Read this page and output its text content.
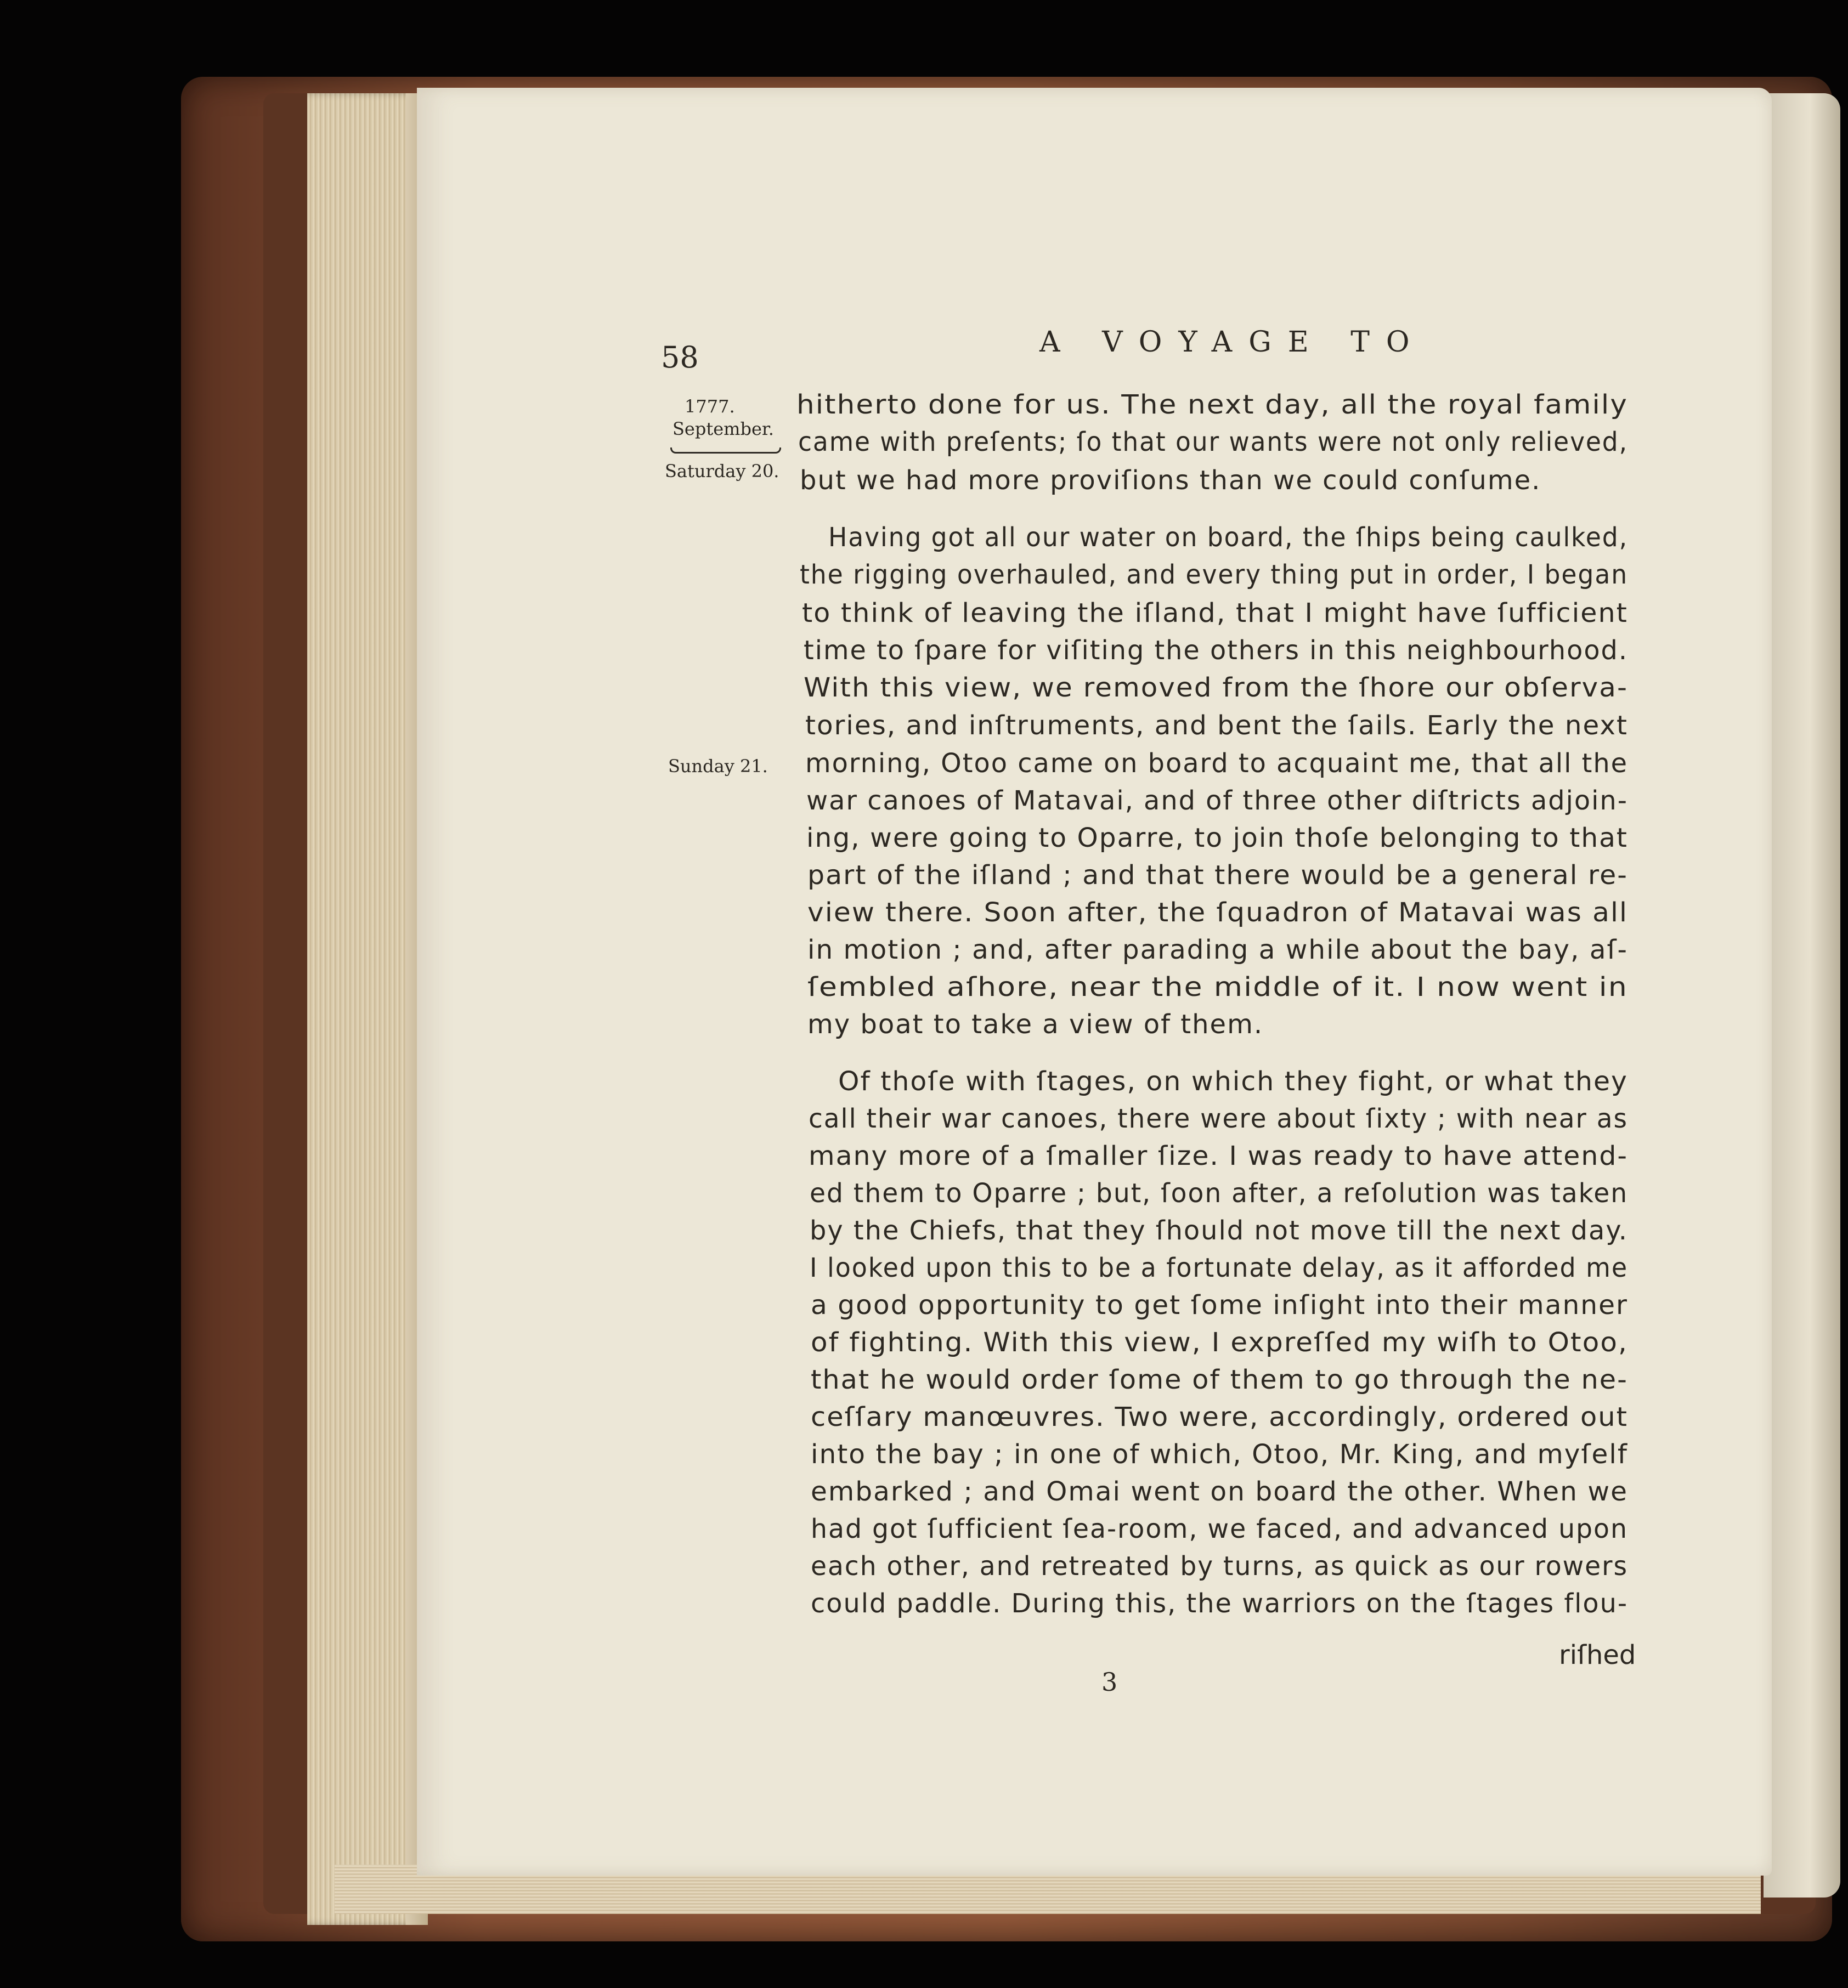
58	A VOYAGE TO
1777.
September.
Saturday 20.
Sunday 21.
hitherto done for us. The next day, all the royal family
came with preſents; ſo that our wants were not only relieved,
but we had more proviſions than we could conſume.
Having got all our water on board, the ſhips being caulked,
the rigging overhauled, and every thing put in order, I began
to think of leaving the iſland, that I might have ſufficient
time to ſpare for viſiting the others in this neighbourhood.
With this view, we removed from the ſhore our obſerva-
tories, and inſtruments, and bent the ſails. Early the next
morning, Otoo came on board to acquaint me, that all the
war canoes of Matavai, and of three other diſtricts adjoin-
ing, were going to Oparre, to join thoſe belonging to that
part of the iſland ; and that there would be a general re-
view there. Soon after, the ſquadron of Matavai was all
in motion ; and, after parading a while about the bay, aſ-
ſembled aſhore, near the middle of it. I now went in
my boat to take a view of them.
Of thoſe with ſtages, on which they fight, or what they
call their war canoes, there were about ſixty ; with near as
many more of a ſmaller ſize. I was ready to have attend-
ed them to Oparre ; but, ſoon after, a reſolution was taken
by the Chiefs, that they ſhould not move till the next day.
I looked upon this to be a fortunate delay, as it afforded me
a good opportunity to get ſome inſight into their manner
of fighting. With this view, I expreſſed my wiſh to Otoo,
that he would order ſome of them to go through the ne-
ceſſary manœuvres. Two were, accordingly, ordered out
into the bay ; in one of which, Otoo, Mr. King, and myſelf
embarked ; and Omai went on board the other. When we
had got ſufficient ſea-room, we faced, and advanced upon
each other, and retreated by turns, as quick as our rowers
could paddle. During this, the warriors on the ſtages flou-
3
riſhed
